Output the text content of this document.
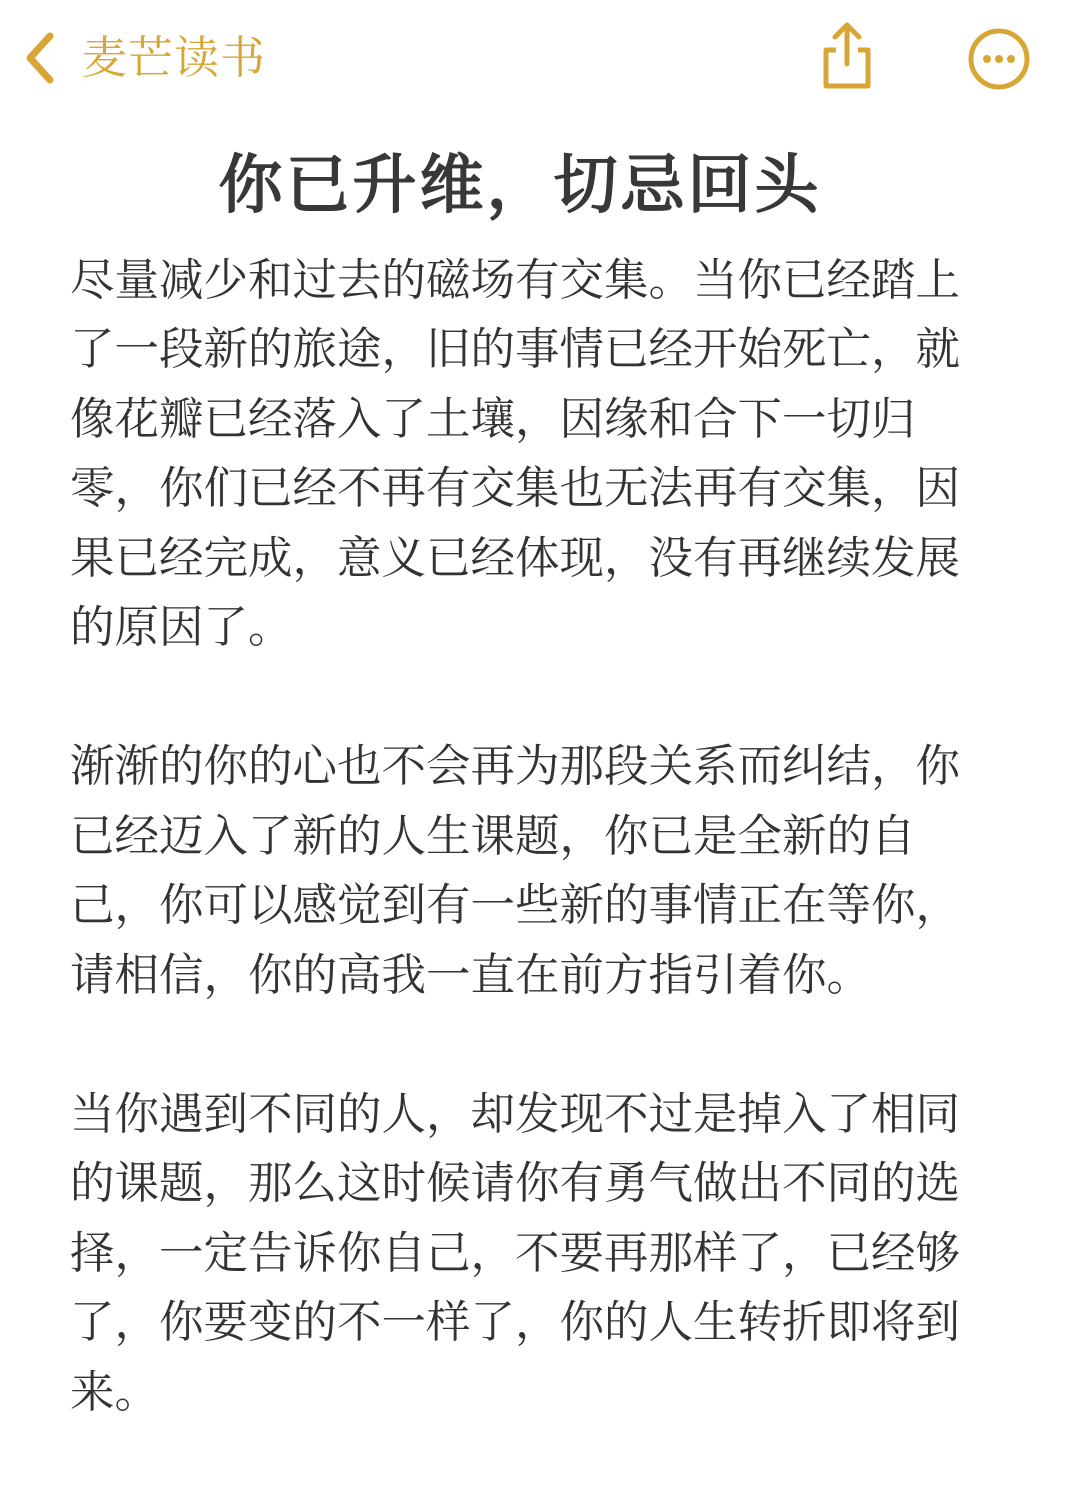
麦芒读书
你已升维，切忌回头

尽量减少和过去的磁场有交集。当你已经踏上了一段新的旅途，旧的事情已经开始死亡，就像花瓣已经落入了土壤，因缘和合下一切归零，你们已经不再有交集也无法再有交集，因果已经完成，意义已经体现，没有再继续发展的原因了。

渐渐的你的心也不会再为那段关系而纠结，你已经迈入了新的人生课题，你已是全新的自己，你可以感觉到有一些新的事情正在等你，请相信，你的高我一直在前方指引着你。

当你遇到不同的人，却发现不过是掉入了相同的课题，那么这时候请你有勇气做出不同的选择，一定告诉你自己，不要再那样了，已经够了，你要变的不一样了，你的人生转折即将到来。
